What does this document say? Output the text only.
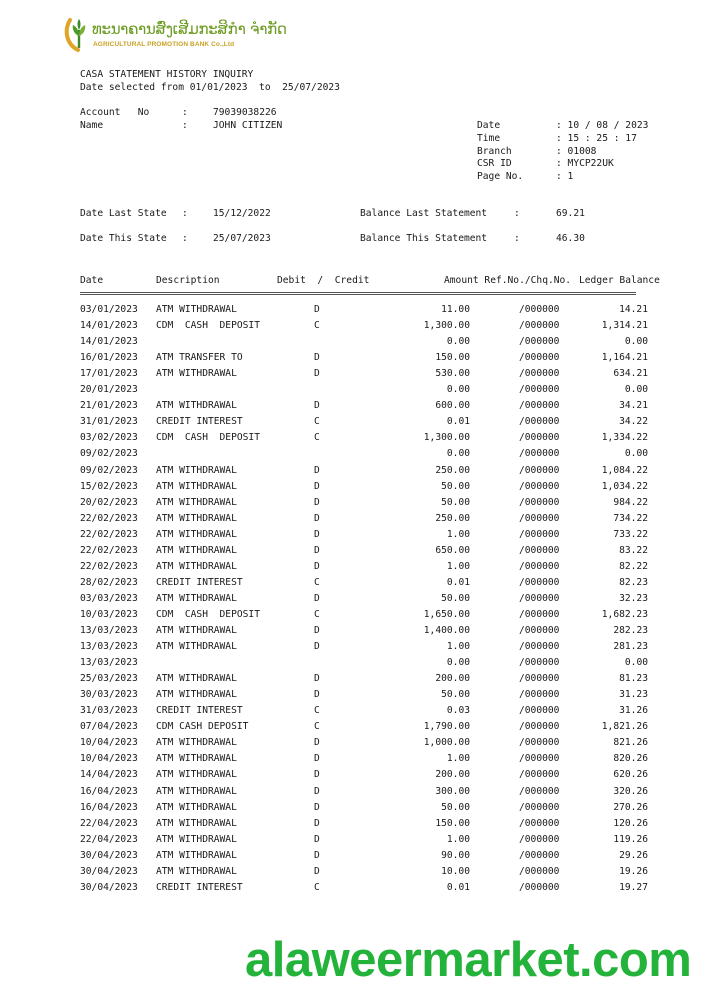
ທະນາຄານສົ່ງເສີມກະສິກຳ ຈຳກັດ
AGRICULTURAL PROMOTION BANK Co.,Ltd
CASA STATEMENT HISTORY INQUIRY
Date selected from 01/01/2023  to  25/07/2023
Account   No	:	79039038226
Name	:	JOHN CITIZEN	Date	: 10 / 08 / 2023
Time	: 15 : 25 : 17
Branch	: 01008
CSR ID	: MYCP22UK
Page No.	: 1
Date Last State :	15/12/2022	Balance Last Statement	:	69.21
Date This State :	25/07/2023	Balance This Statement	:	46.30
Date	Description	Debit  /  Credit	Amount Ref.No./Chq.No. Ledger Balance
03/01/2023 ATM WITHDRAWAL	D	11.00	/000000	14.21
14/01/2023 CDM  CASH  DEPOSIT	C	1,300.00	/000000	1,314.21
14/01/2023	0.00	/000000	0.00
16/01/2023 ATM TRANSFER TO	D	150.00	/000000	1,164.21
17/01/2023 ATM WITHDRAWAL	D	530.00	/000000	634.21
20/01/2023	0.00	/000000	0.00
21/01/2023 ATM WITHDRAWAL	D	600.00	/000000	34.21
31/01/2023 CREDIT INTEREST	C	0.01	/000000	34.22
03/02/2023 CDM  CASH  DEPOSIT	C	1,300.00	/000000	1,334.22
09/02/2023	0.00	/000000	0.00
09/02/2023 ATM WITHDRAWAL	D	250.00	/000000	1,084.22
15/02/2023 ATM WITHDRAWAL	D	50.00	/000000	1,034.22
20/02/2023 ATM WITHDRAWAL	D	50.00	/000000	984.22
22/02/2023 ATM WITHDRAWAL	D	250.00	/000000	734.22
22/02/2023 ATM WITHDRAWAL	D	1.00	/000000	733.22
22/02/2023 ATM WITHDRAWAL	D	650.00	/000000	83.22
22/02/2023 ATM WITHDRAWAL	D	1.00	/000000	82.22
28/02/2023 CREDIT INTEREST	C	0.01	/000000	82.23
03/03/2023 ATM WITHDRAWAL	D	50.00	/000000	32.23
10/03/2023 CDM  CASH  DEPOSIT	C	1,650.00	/000000	1,682.23
13/03/2023 ATM WITHDRAWAL	D	1,400.00	/000000	282.23
13/03/2023 ATM WITHDRAWAL	D	1.00	/000000	281.23
13/03/2023	0.00	/000000	0.00
25/03/2023 ATM WITHDRAWAL	D	200.00	/000000	81.23
30/03/2023 ATM WITHDRAWAL	D	50.00	/000000	31.23
31/03/2023 CREDIT INTEREST	C	0.03	/000000	31.26
07/04/2023 CDM CASH DEPOSIT	C	1,790.00	/000000	1,821.26
10/04/2023 ATM WITHDRAWAL	D	1,000.00	/000000	821.26
10/04/2023 ATM WITHDRAWAL	D	1.00	/000000	820.26
14/04/2023 ATM WITHDRAWAL	D	200.00	/000000	620.26
16/04/2023 ATM WITHDRAWAL	D	300.00	/000000	320.26
16/04/2023 ATM WITHDRAWAL	D	50.00	/000000	270.26
22/04/2023 ATM WITHDRAWAL	D	150.00	/000000	120.26
22/04/2023 ATM WITHDRAWAL	D	1.00	/000000	119.26
30/04/2023 ATM WITHDRAWAL	D	90.00	/000000	29.26
30/04/2023 ATM WITHDRAWAL	D	10.00	/000000	19.26
30/04/2023 CREDIT INTEREST	C	0.01	/000000	19.27
alaweermarket.com
